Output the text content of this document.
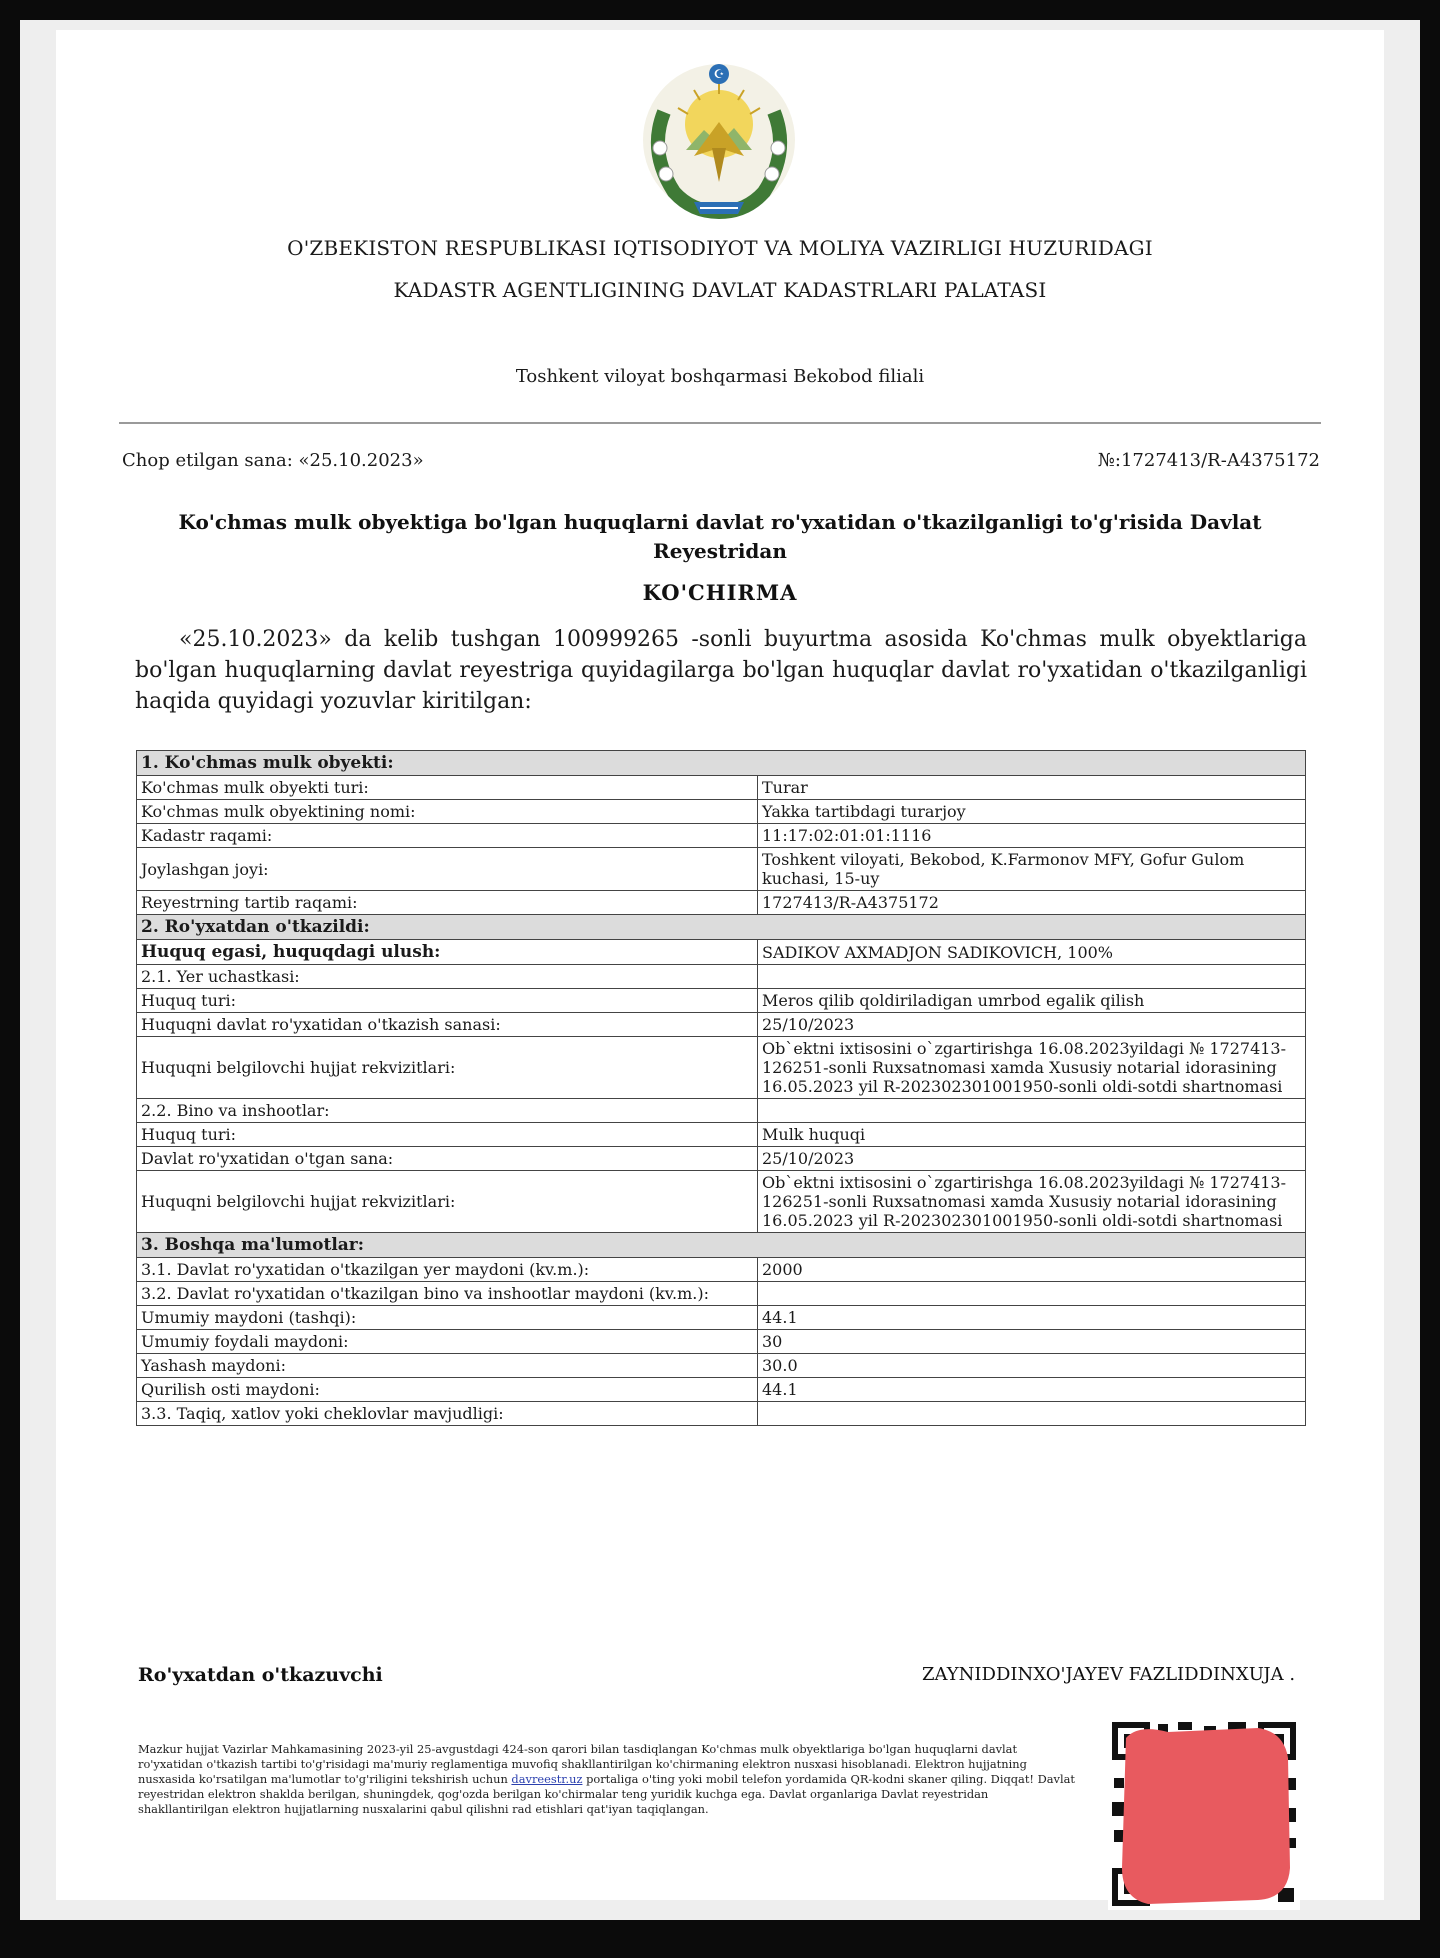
☪
O'ZBEKISTON RESPUBLIKASI IQTISODIYOT VA MOLIYA VAZIRLIGI HUZURIDAGI
KADASTR AGENTLIGINING DAVLAT KADASTRLARI PALATASI
Toshkent viloyat boshqarmasi Bekobod filiali
Chop etilgan sana: «25.10.2023»	№:1727413/R-A4375172
Ko'chmas mulk obyektiga bo'lgan huquqlarni davlat ro'yxatidan o'tkazilganligi to'g'risida Davlat
Reyestridan
KO'CHIRMA
«25.10.2023» da kelib tushgan 100999265 -sonli buyurtma asosida Ko'chmas mulk obyektlariga bo'lgan huquqlarning davlat reyestriga quyidagilarga bo'lgan huquqlar davlat ro'yxatidan o'tkazilganligi haqida quyidagi yozuvlar kiritilgan:
1. Ko'chmas mulk obyekti:	
Ko'chmas mulk obyekti turi:	Turar
Ko'chmas mulk obyektining nomi:	Yakka tartibdagi turarjoy
Kadastr raqami:	11:17:02:01:01:1116
Joylashgan joyi:	Toshkent viloyati, Bekobod, K.Farmonov MFY, Gofur Gulom kuchasi, 15-uy
Reyestrning tartib raqami:	1727413/R-A4375172
2. Ro'yxatdan o'tkazildi:	
Huquq egasi, huquqdagi ulush:	SADIKOV AXMADJON SADIKOVICH, 100%
2.1. Yer uchastkasi:	
Huquq turi:	Meros qilib qoldiriladigan umrbod egalik qilish
Huquqni davlat ro'yxatidan o'tkazish sanasi:	25/10/2023
Huquqni belgilovchi hujjat rekvizitlari:	Ob`ektni ixtisosini o`zgartirishga 16.08.2023yildagi № 1727413-126251-sonli Ruxsatnomasi xamda Xususiy notarial idorasining 16.05.2023 yil R-202302301001950-sonli oldi-sotdi shartnomasi
2.2. Bino va inshootlar:	
Huquq turi:	Mulk huquqi
Davlat ro'yxatidan o'tgan sana:	25/10/2023
Huquqni belgilovchi hujjat rekvizitlari:	Ob`ektni ixtisosini o`zgartirishga 16.08.2023yildagi № 1727413-126251-sonli Ruxsatnomasi xamda Xususiy notarial idorasining 16.05.2023 yil R-202302301001950-sonli oldi-sotdi shartnomasi
3. Boshqa ma'lumotlar:	
3.1. Davlat ro'yxatidan o'tkazilgan yer maydoni (kv.m.):	2000
3.2. Davlat ro'yxatidan o'tkazilgan bino va inshootlar maydoni (kv.m.):	
Umumiy maydoni (tashqi):	44.1
Umumiy foydali maydoni:	30
Yashash maydoni:	30.0
Qurilish osti maydoni:	44.1
3.3. Taqiq, xatlov yoki cheklovlar mavjudligi:	
Ro'yxatdan o'tkazuvchi	ZAYNIDDINXO'JAYEV FAZLIDDINXUJA .
Mazkur hujjat Vazirlar Mahkamasining 2023-yil 25-avgustdagi 424-son qarori bilan tasdiqlangan Ko'chmas mulk obyektlariga bo'lgan huquqlarni davlat ro'yxatidan o'tkazish tartibi to'g'risidagi ma'muriy reglamentiga muvofiq shakllantirilgan ko'chirmaning elektron nusxasi hisoblanadi. Elektron hujjatning nusxasida ko'rsatilgan ma'lumotlar to'g'riligini tekshirish uchun davreestr.uz portaliga o'ting yoki mobil telefon yordamida QR-kodni skaner qiling. Diqqat! Davlat reyestridan elektron shaklda berilgan, shuningdek, qog'ozda berilgan ko'chirmalar teng yuridik kuchga ega. Davlat organlariga Davlat reyestridan shakllantirilgan elektron hujjatlarning nusxalarini qabul qilishni rad etishlari qat'iyan taqiqlangan.
